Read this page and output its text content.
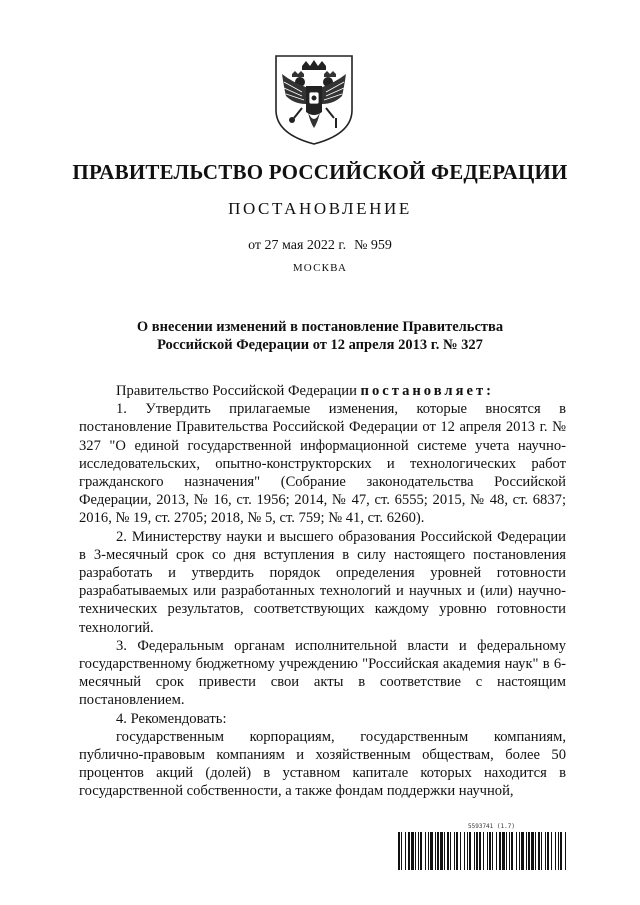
ПРАВИТЕЛЬСТВО РОССИЙСКОЙ ФЕДЕРАЦИИ
ПОСТАНОВЛЕНИЕ
от 27 мая 2022 г. № 959
МОСКВА
О внесении изменений в постановление Правительства
Российской Федерации от 12 апреля 2013 г. № 327

Правительство Российской Федерации постановляет:

1. Утвердить прилагаемые изменения, которые вносятся в постановление Правительства Российской Федерации от 12 апреля 2013 г. № 327 "О единой государственной информационной системе учета научно-исследовательских, опытно-конструкторских и технологических работ гражданского назначения" (Собрание законодательства Российской Федерации, 2013, № 16, ст. 1956; 2014, № 47, ст. 6555; 2015, № 48, ст. 6837; 2016, № 19, ст. 2705; 2018, № 5, ст. 759; № 41, ст. 6260).

2. Министерству науки и высшего образования Российской Федерации в 3-месячный срок со дня вступления в силу настоящего постановления разработать и утвердить порядок определения уровней готовности разрабатываемых или разработанных технологий и научных и (или) научно-технических результатов, соответствующих каждому уровню готовности технологий.

3. Федеральным органам исполнительной власти и федеральному государственному бюджетному учреждению "Российская академия наук" в 6-месячный срок привести свои акты в соответствие с настоящим постановлением.

4. Рекомендовать:

государственным корпорациям, государственным компаниям, публично-правовым компаниям и хозяйственным обществам, более 50 процентов акций (долей) в уставном капитале которых находится в государственной собственности, а также фондам поддержки научной,

5593741 (1.7)
